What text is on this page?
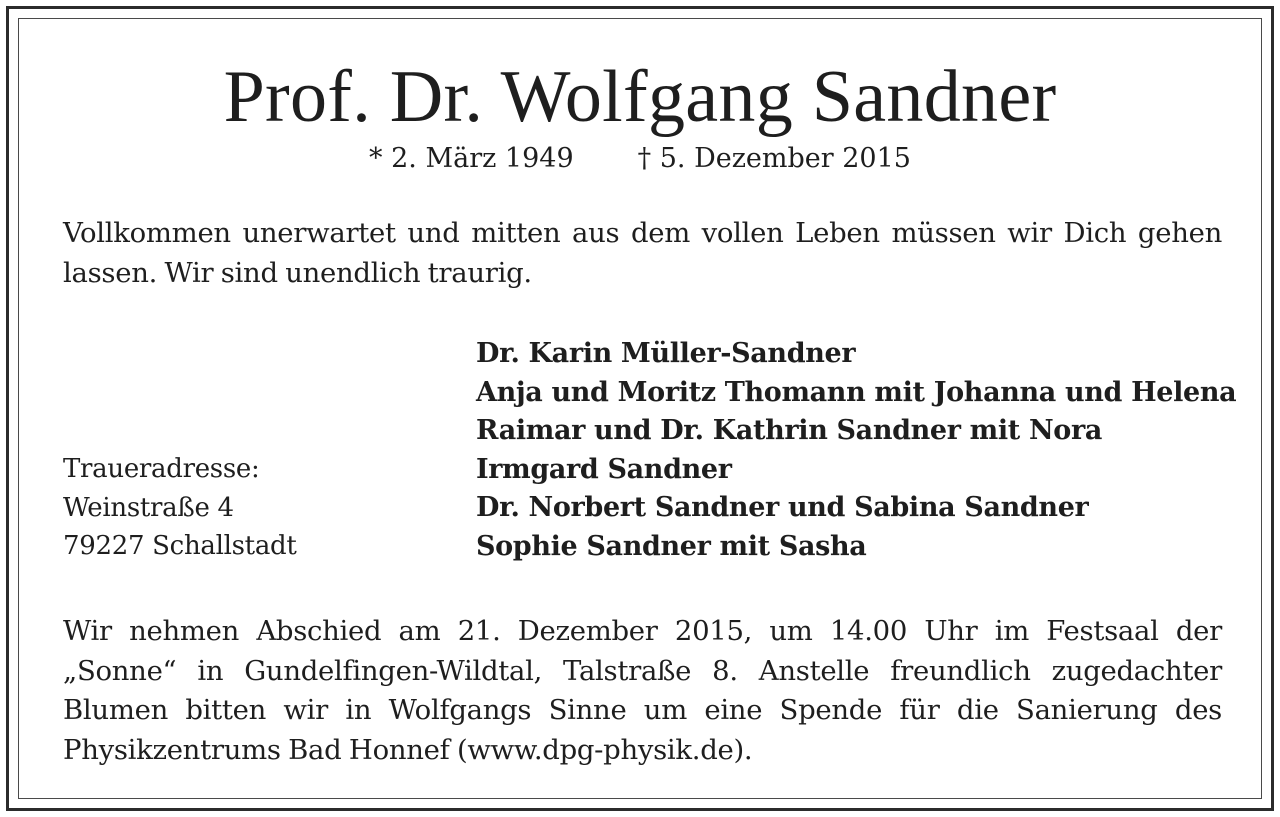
Prof. Dr. Wolfgang Sandner
* 2. März 1949 † 5. Dezember 2015

Vollkommen unerwartet und mitten aus dem vollen Leben müssen wir Dich gehen lassen. Wir sind unendlich traurig.

Dr. Karin Müller-Sandner
Anja und Moritz Thomann mit Johanna und Helena
Raimar und Dr. Kathrin Sandner mit Nora
Irmgard Sandner
Dr. Norbert Sandner und Sabina Sandner
Sophie Sandner mit Sasha
Traueradresse:
Weinstraße 4
79227 Schallstadt

Wir nehmen Abschied am 21. Dezember 2015, um 14.00 Uhr im Festsaal der „Sonne“ in Gundelfingen-Wildtal, Talstraße 8. Anstelle freundlich zugedachter Blumen bitten wir in Wolfgangs Sinne um eine Spende für die Sanierung des Physikzentrums Bad Honnef (www.dpg-physik.de).
